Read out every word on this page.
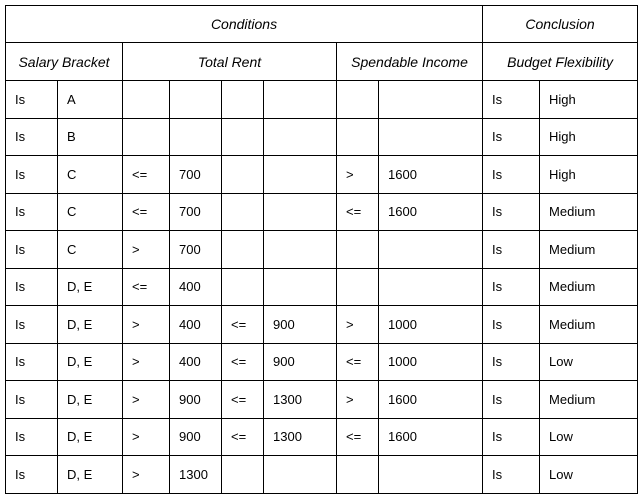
Conditions								Conclusion	
Salary Bracket		Total Rent				Spendable Income		Budget Flexibility	
Is	A							Is	High
Is	B							Is	High
Is	C	<=	700			>	1600	Is	High
Is	C	<=	700			<=	1600	Is	Medium
Is	C	>	700					Is	Medium
Is	D, E	<=	400					Is	Medium
Is	D, E	>	400	<=	900	>	1000	Is	Medium
Is	D, E	>	400	<=	900	<=	1000	Is	Low
Is	D, E	>	900	<=	1300	>	1600	Is	Medium
Is	D, E	>	900	<=	1300	<=	1600	Is	Low
Is	D, E	>	1300					Is	Low
